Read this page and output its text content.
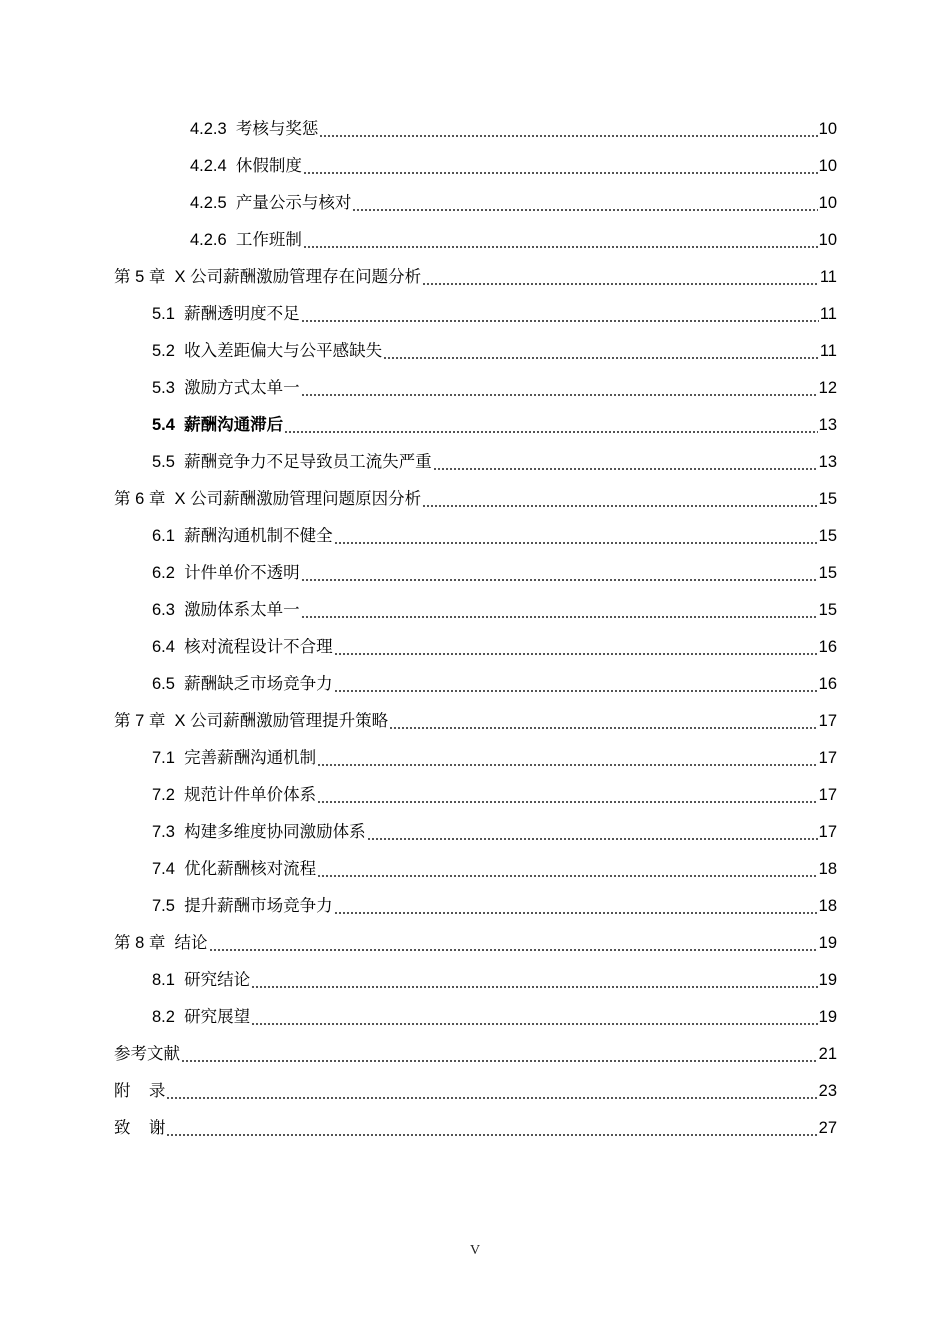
4.2.3 考核与奖惩	10
4.2.4 休假制度	10
4.2.5 产量公示与核对	10
4.2.6 工作班制	10
第 5 章  X 公司薪酬激励管理存在问题分析	11
5.1 薪酬透明度不足	11
5.2 收入差距偏大与公平感缺失	11
5.3 激励方式太单一	12
5.4 薪酬沟通滞后	13
5.5 薪酬竞争力不足导致员工流失严重	13
第 6 章  X 公司薪酬激励管理问题原因分析	15
6.1 薪酬沟通机制不健全	15
6.2 计件单价不透明	15
6.3 激励体系太单一	15
6.4 核对流程设计不合理	16
6.5 薪酬缺乏市场竞争力	16
第 7 章  X 公司薪酬激励管理提升策略	17
7.1 完善薪酬沟通机制	17
7.2 规范计件单价体系	17
7.3 构建多维度协同激励体系	17
7.4 优化薪酬核对流程	18
7.5 提升薪酬市场竞争力	18
第 8 章  结论	19
8.1 研究结论	19
8.2 研究展望	19
参考文献	21
附    录	23
致    谢	27
V
